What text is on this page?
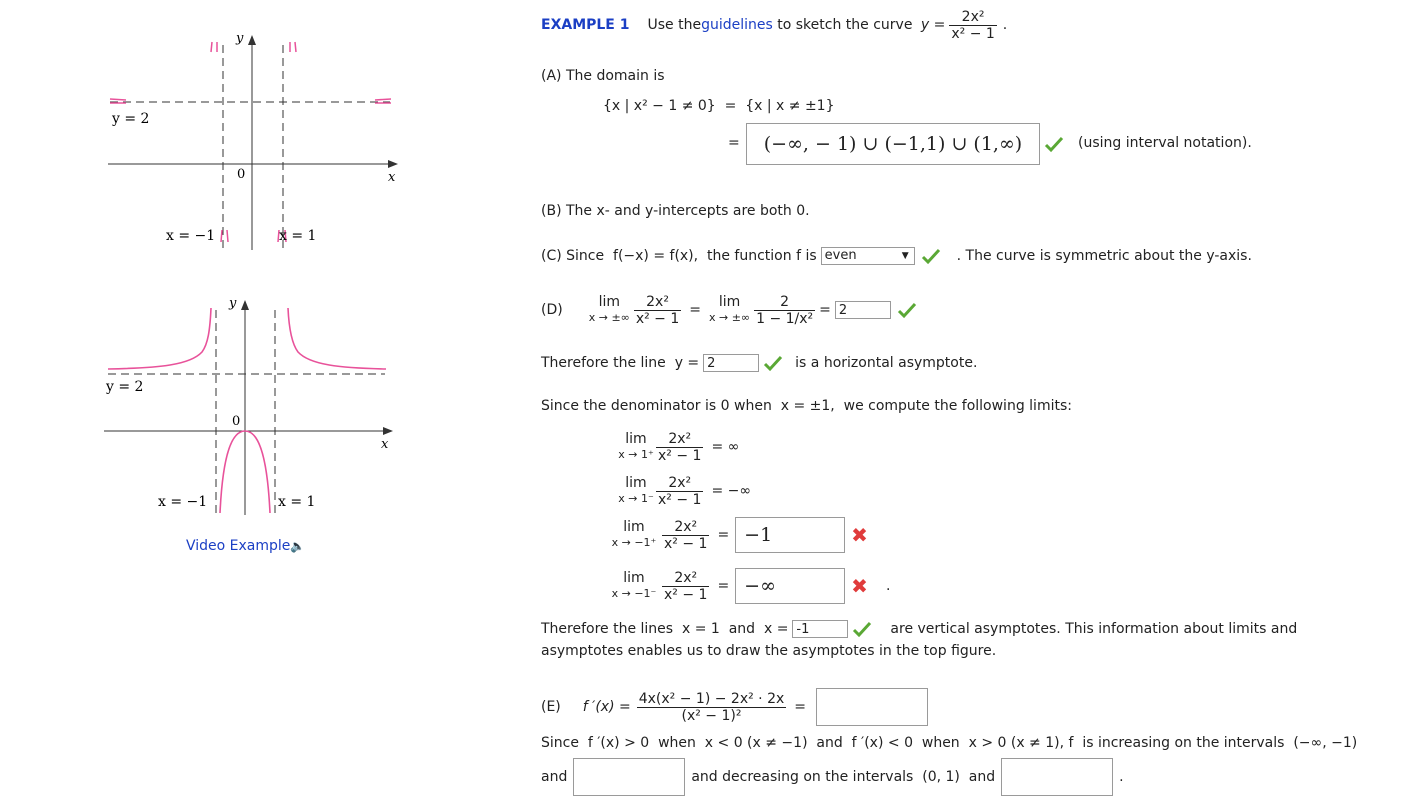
y
x
0
y = 2
x = −1	x = 1
y
x
0
y = 2
x = −1	x = 1
Video Example🔈
EXAMPLE 1 Use the guidelines to sketch the curve $y = \frac{\text{2x²}}{\text{x² − 1}}$ .
(A) The domain is
{x | x² − 1 ≠ 0}  =  {x | x ≠ ±1}
=	(−∞, − 1) ∪ (−1,1) ∪ (1,∞)	(using interval notation).
(B) The x- and y-intercepts are both 0.
(C) Since  f(−x) = f(x),  the function f is even	▼	. The curve is symmetric about the y-axis.
(D)	lim
x → ±∞ $\frac{\text{2x²}}{\text{x² − 1}}$ =	lim
x → ±∞ $\frac{2}{\text{1 − 1/x²}} = 2$
Therefore the line  y = 2	is a horizontal asymptote.
Since the denominator is 0 when  x = ±1,  we compute the following limits:
lim
$x \to 1^+ \frac{\text{2x²}}{\text{x² − 1}}$ = ∞
lim
$x \to 1^- \frac{\text{2x²}}{\text{x² − 1}}$ = −∞
lim
$x \to -1^+ \frac{\text{2x²}}{\text{x² − 1}} = -1$	✖
lim
$x \to -1^- \frac{\text{2x²}}{\text{x² − 1}}$ = −∞	✖ .
Therefore the lines  x = 1  and  x = -1	are vertical asymptotes. This information about limits and
asymptotes enables us to draw the asymptotes in the top figure.
(E) f $'(x) = \frac{\text{4x(x² − 1) − 2x² · 2x}}{\text{(x² − 1)²}}$ =
Since  f ′(x) > 0  when  x < 0 (x ≠ −1)  and  f ′(x) < 0  when  x > 0 (x ≠ 1), f  is increasing on the intervals  (−∞, −1)
and	and decreasing on the intervals  (0, 1)  and	.
